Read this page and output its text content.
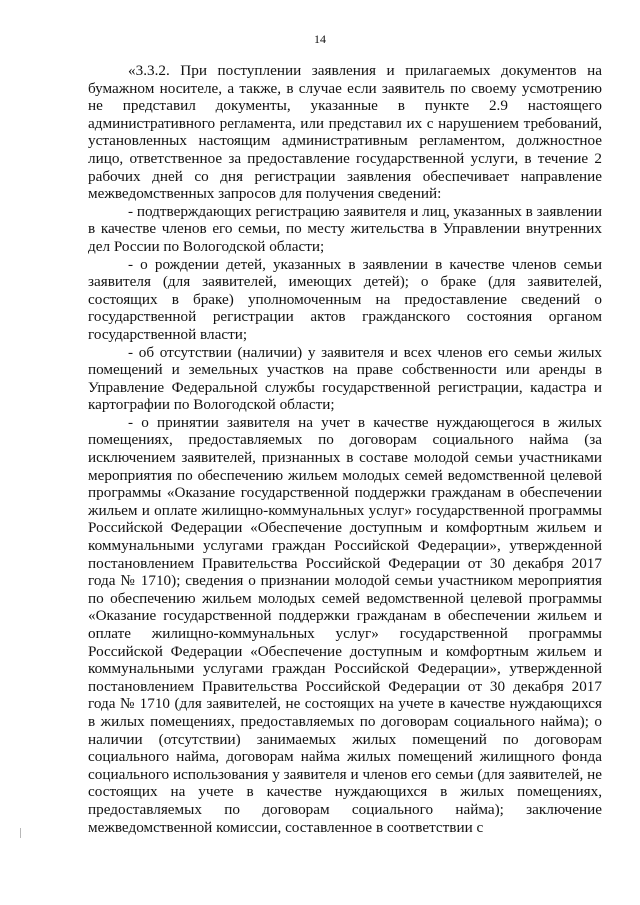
14

«3.3.2. При поступлении заявления и прилагаемых документов на бумажном носителе, а также, в случае если заявитель по своему усмотрению не представил документы, указанные в пункте 2.9 настоящего административного регламента, или представил их с нарушением требований, установленных настоящим административным регламентом, должностное лицо, ответственное за предоставление государственной услуги, в течение 2 рабочих дней со дня регистрации заявления обеспечивает направление межведомственных запросов для получения сведений:

- подтверждающих регистрацию заявителя и лиц, указанных в заявлении в качестве членов его семьи, по месту жительства в Управлении внутренних дел России по Вологодской области;

- о рождении детей, указанных в заявлении в качестве членов семьи заявителя (для заявителей, имеющих детей); о браке (для заявителей, состоящих в браке) уполномоченным на предоставление сведений о государственной регистрации актов гражданского состояния органом государственной власти;

- об отсутствии (наличии) у заявителя и всех членов его семьи жилых помещений и земельных участков на праве собственности или аренды в Управление Федеральной службы государственной регистрации, кадастра и картографии по Вологодской области;

- о принятии заявителя на учет в качестве нуждающегося в жилых помещениях, предоставляемых по договорам социального найма (за исключением заявителей, признанных в составе молодой семьи участниками мероприятия по обеспечению жильем молодых семей ведомственной целевой программы «Оказание государственной поддержки гражданам в обеспечении жильем и оплате жилищно-коммунальных услуг» государственной программы Российской Федерации «Обеспечение доступным и комфортным жильем и коммунальными услугами граждан Российской Федерации», утвержденной постановлением Правительства Российской Федерации от 30 декабря 2017 года № 1710); сведения о признании молодой семьи участником мероприятия по обеспечению жильем молодых семей ведомственной целевой программы «Оказание государственной поддержки гражданам в обеспечении жильем и оплате жилищно-коммунальных услуг» государственной программы Российской Федерации «Обеспечение доступным и комфортным жильем и коммунальными услугами граждан Российской Федерации», утвержденной постановлением Правительства Российской Федерации от 30 декабря 2017 года № 1710 (для заявителей, не состоящих на учете в качестве нуждающихся в жилых помещениях, предоставляемых по договорам социального найма); о наличии (отсутствии) занимаемых жилых помещений по договорам социального найма, договорам найма жилых помещений жилищного фонда социального использования у заявителя и членов его семьи (для заявителей, не состоящих на учете в качестве нуждающихся в жилых помещениях, предоставляемых по договорам социального найма); заключение межведомственной комиссии, составленное в соответствии с
